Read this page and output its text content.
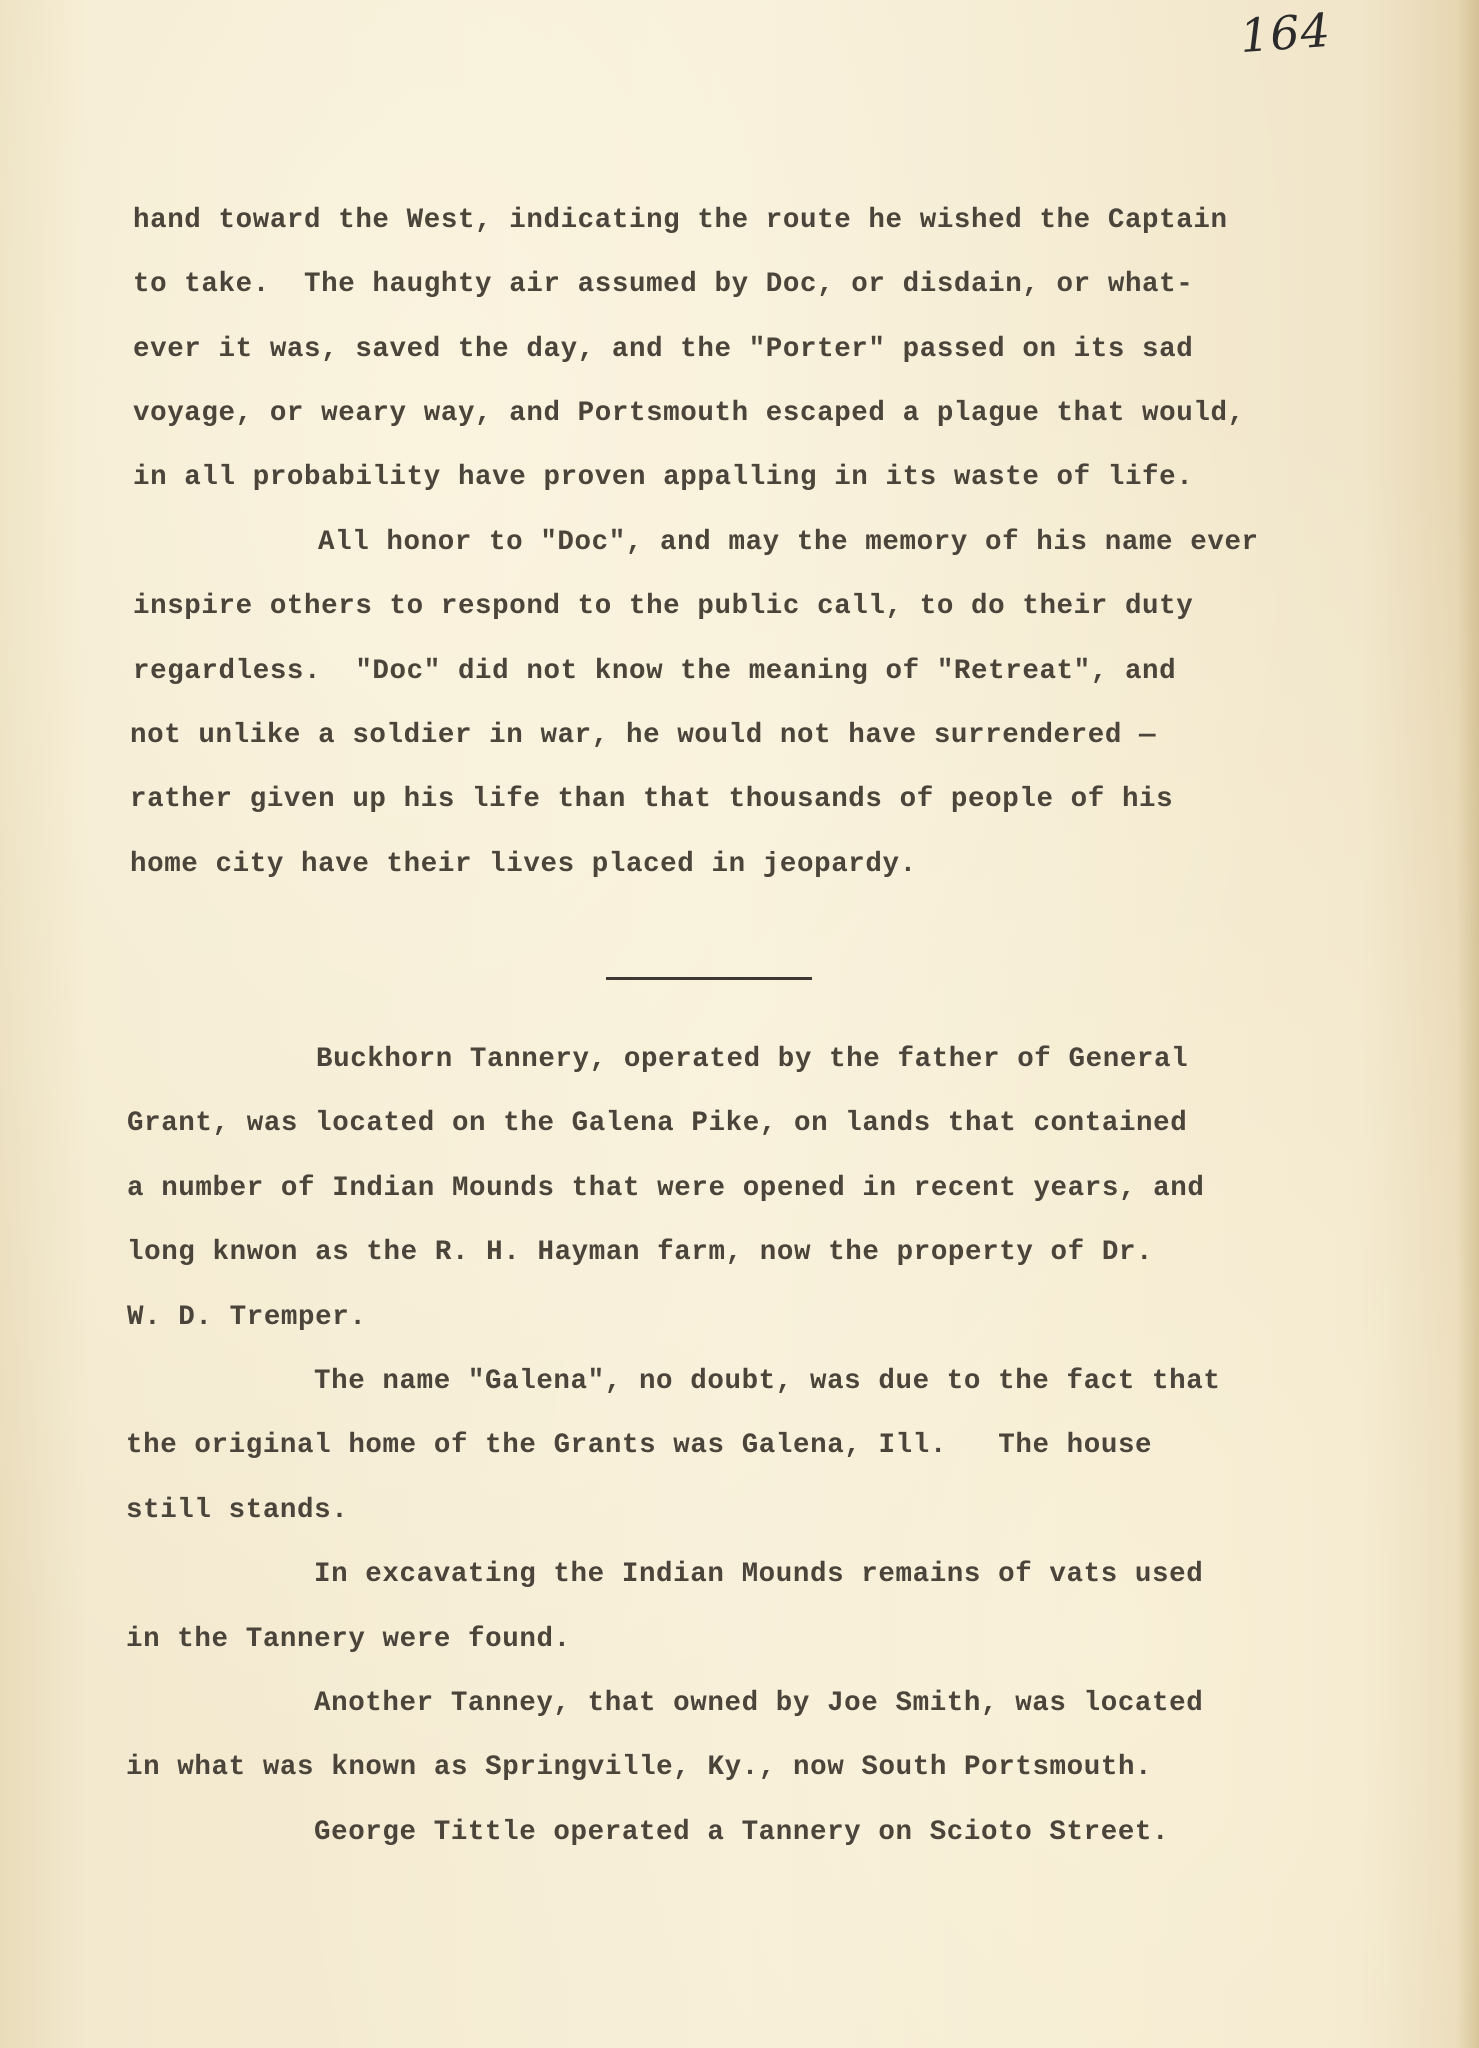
164

hand toward the West, indicating the route he wished the Captain

to take.  The haughty air assumed by Doc, or disdain, or what-

ever it was, saved the day, and the "Porter" passed on its sad

voyage, or weary way, and Portsmouth escaped a plague that would,

in all probability have proven appalling in its waste of life.

All honor to "Doc", and may the memory of his name ever

inspire others to respond to the public call, to do their duty

regardless.  "Doc" did not know the meaning of "Retreat", and

not unlike a soldier in war, he would not have surrendered —

rather given up his life than that thousands of people of his

home city have their lives placed in jeopardy.

Buckhorn Tannery, operated by the father of General

Grant, was located on the Galena Pike, on lands that contained

a number of Indian Mounds that were opened in recent years, and

long knwon as the R. H. Hayman farm, now the property of Dr.

W. D. Tremper.

The name "Galena", no doubt, was due to the fact that

the original home of the Grants was Galena, Ill.   The house

still stands.

In excavating the Indian Mounds remains of vats used

in the Tannery were found.

Another Tanney, that owned by Joe Smith, was located

in what was known as Springville, Ky., now South Portsmouth.

George Tittle operated a Tannery on Scioto Street.
